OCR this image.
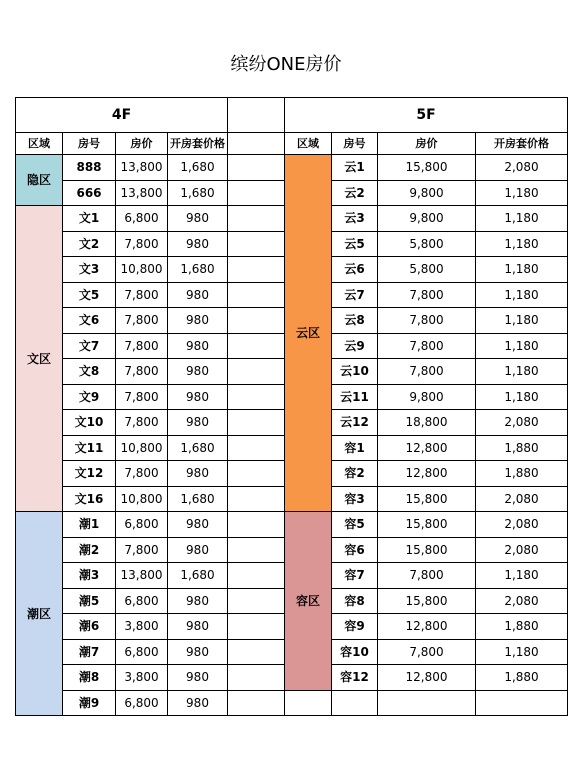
缤纷ONE房价
4F					5F			
区域	房号	房价	开房套价格		区域	房号	房价	开房套价格
隐区	888	13,800	1,680		云区	云1	15,800	2,080
	666	13,800	1,680			云2	9,800	1,180
文区	文1	6,800	980			云3	9,800	1,180
	文2	7,800	980			云5	5,800	1,180
	文3	10,800	1,680			云6	5,800	1,180
	文5	7,800	980			云7	7,800	1,180
	文6	7,800	980			云8	7,800	1,180
	文7	7,800	980			云9	7,800	1,180
	文8	7,800	980			云10	7,800	1,180
	文9	7,800	980			云11	9,800	1,180
	文10	7,800	980			云12	18,800	2,080
	文11	10,800	1,680			容1	12,800	1,880
	文12	7,800	980			容2	12,800	1,880
	文16	10,800	1,680			容3	15,800	2,080
潮区	潮1	6,800	980		容区	容5	15,800	2,080
	潮2	7,800	980			容6	15,800	2,080
	潮3	13,800	1,680			容7	7,800	1,180
	潮5	6,800	980			容8	15,800	2,080
	潮6	3,800	980			容9	12,800	1,880
	潮7	6,800	980			容10	7,800	1,180
	潮8	3,800	980			容12	12,800	1,880
	潮9	6,800	980					
